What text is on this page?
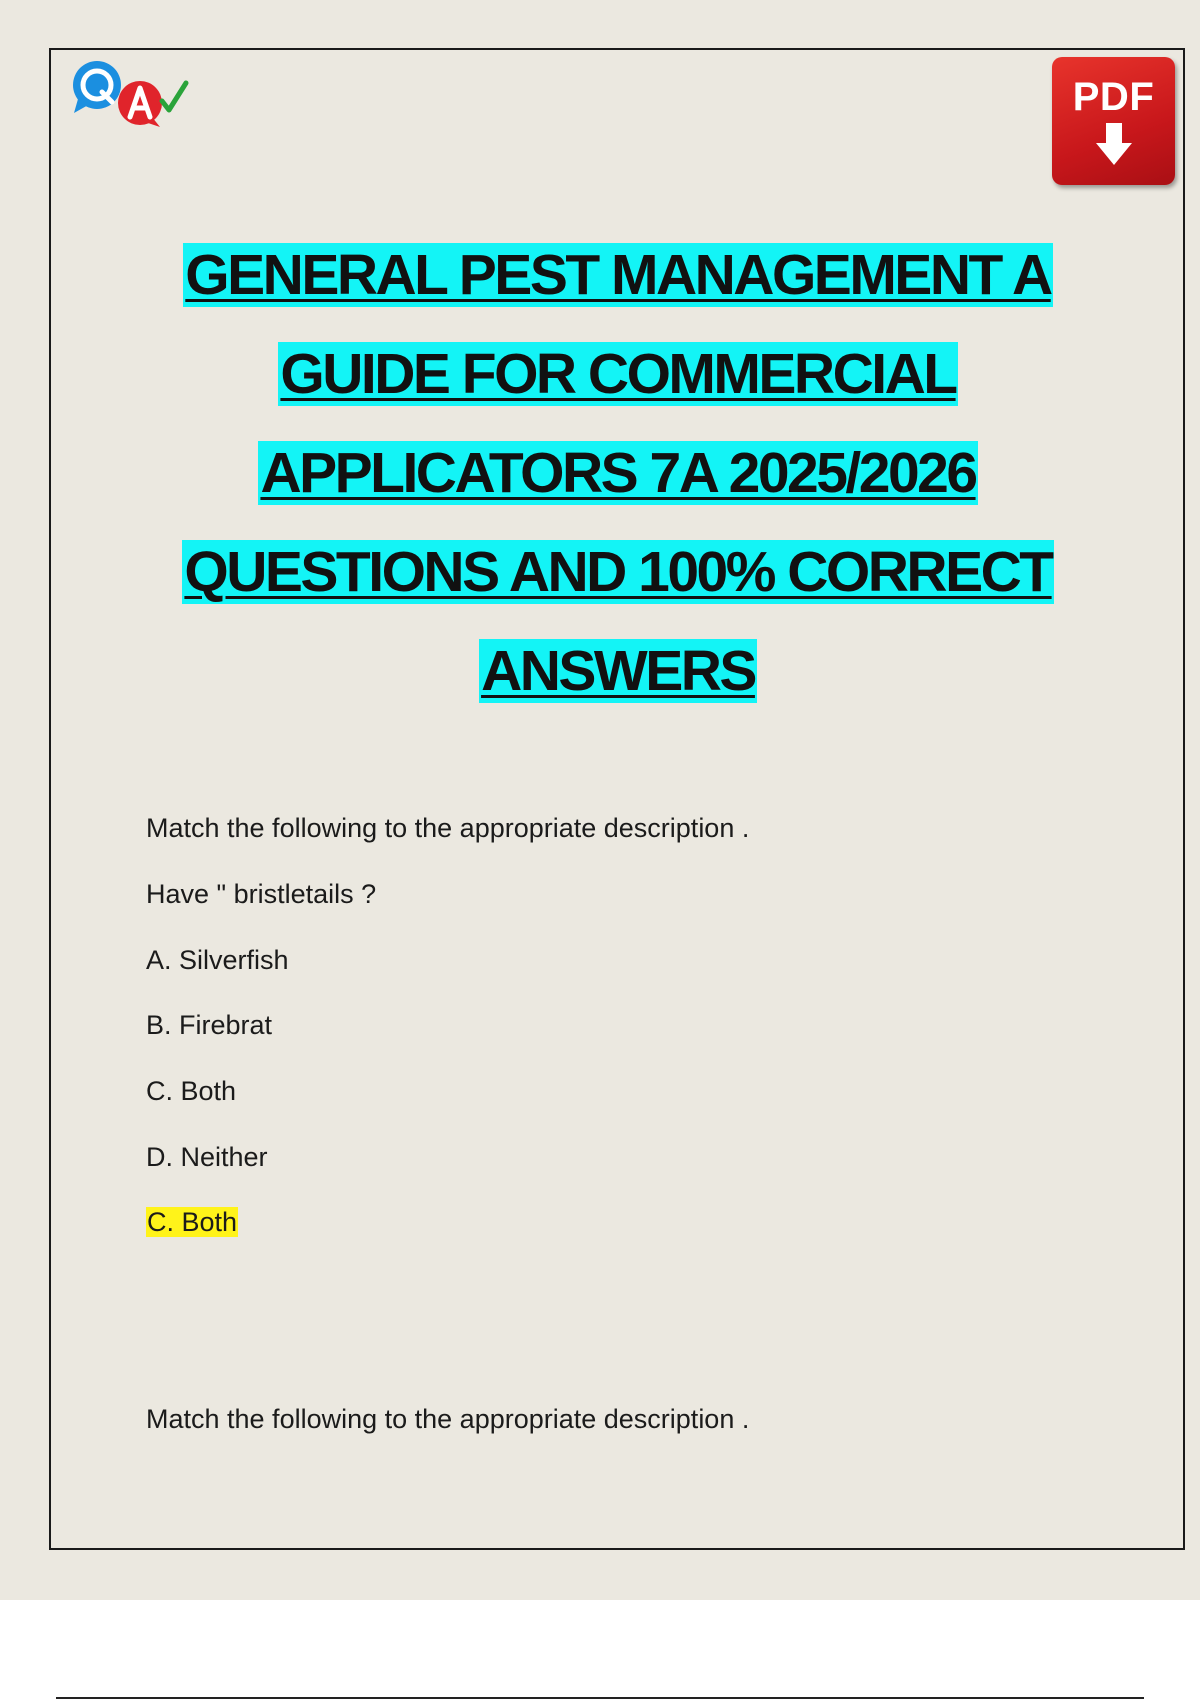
PDF
GENERAL PEST MANAGEMENT A
GUIDE FOR COMMERCIAL
APPLICATORS 7A 2025/2026
QUESTIONS AND 100% CORRECT
ANSWERS
Match the following to the appropriate description .
Have " bristletails ?
A. Silverfish
B. Firebrat
C. Both
D. Neither
C. Both
Match the following to the appropriate description .
